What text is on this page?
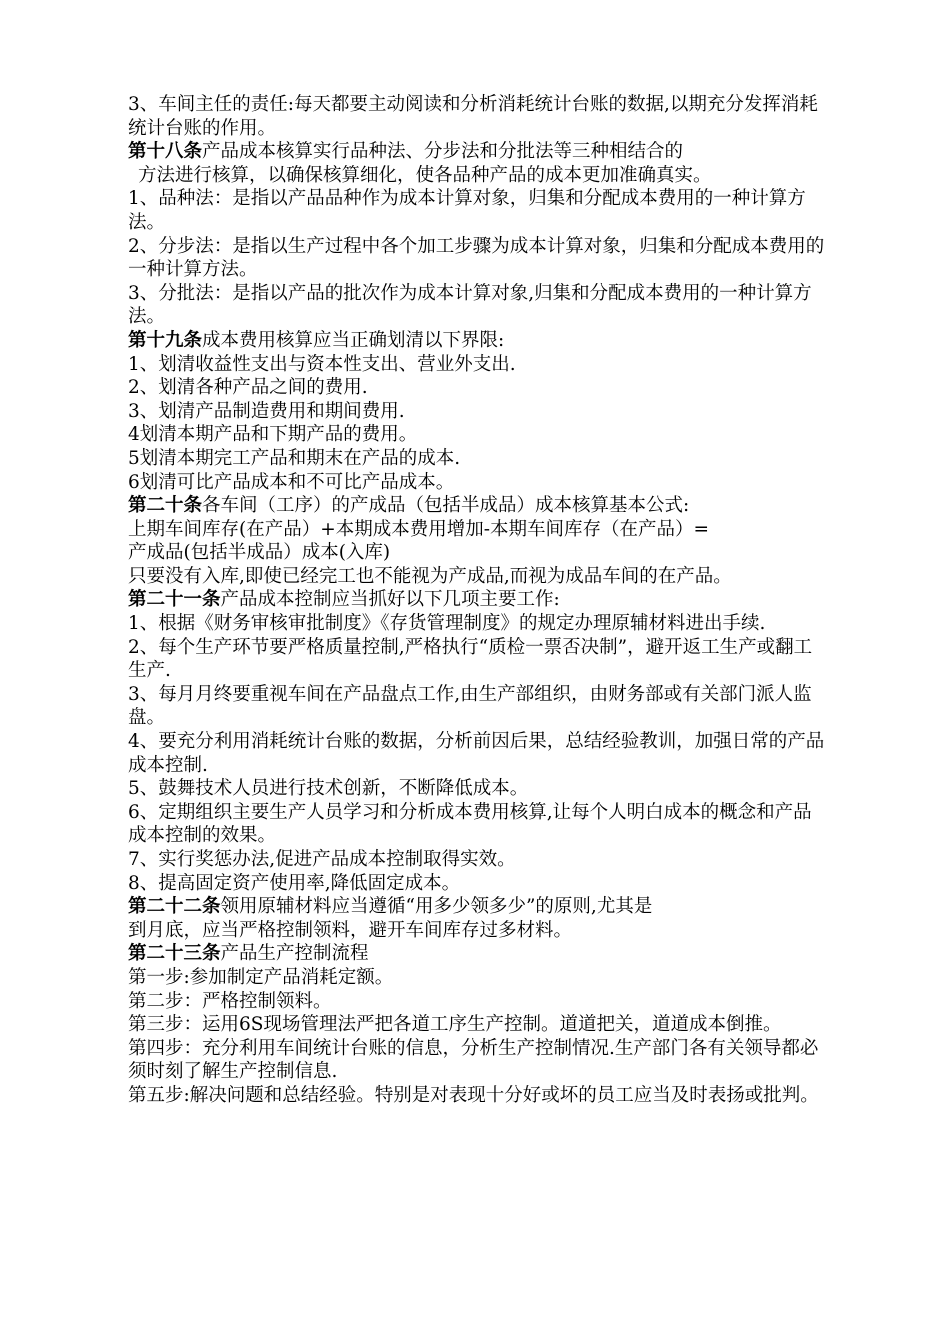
3、车间主任的责任:每天都要主动阅读和分析消耗统计台账的数据,以期充分发挥消耗统计台账的作用。

第十八条产品成本核算实行品种法、分步法和分批法等三种相结合的

方法进行核算，以确保核算细化，使各品种产品的成本更加准确真实。

1、品种法：是指以产品品种作为成本计算对象，归集和分配成本费用的一种计算方法。

2、分步法：是指以生产过程中各个加工步骤为成本计算对象，归集和分配成本费用的一种计算方法。

3、分批法：是指以产品的批次作为成本计算对象,归集和分配成本费用的一种计算方法。

第十九条成本费用核算应当正确划清以下界限:

1、划清收益性支出与资本性支出、营业外支出.

2、划清各种产品之间的费用.

3、划清产品制造费用和期间费用.

4划清本期产品和下期产品的费用。

5划清本期完工产品和期末在产品的成本.

6划清可比产品成本和不可比产品成本。

第二十条各车间（工序）的产成品（包括半成品）成本核算基本公式:

上期车间库存(在产品）+本期成本费用增加-本期车间库存（在产品）=

产成品(包括半成品）成本(入库)

只要没有入库,即使已经完工也不能视为产成品,而视为成品车间的在产品。

第二十一条产品成本控制应当抓好以下几项主要工作:

1、根据《财务审核审批制度》《存货管理制度》的规定办理原辅材料进出手续.

2、每个生产环节要严格质量控制,严格执行“质检一票否决制”，避开返工生产或翻工生产.

3、每月月终要重视车间在产品盘点工作,由生产部组织，由财务部或有关部门派人监盘。

4、要充分利用消耗统计台账的数据，分析前因后果，总结经验教训，加强日常的产品成本控制.

5、鼓舞技术人员进行技术创新，不断降低成本。

6、定期组织主要生产人员学习和分析成本费用核算,让每个人明白成本的概念和产品成本控制的效果。

7、实行奖惩办法,促进产品成本控制取得实效。

8、提高固定资产使用率,降低固定成本。

第二十二条领用原辅材料应当遵循“用多少领多少”的原则,尤其是

到月底，应当严格控制领料，避开车间库存过多材料。

第二十三条产品生产控制流程

第一步:参加制定产品消耗定额。

第二步：严格控制领料。

第三步：运用6S现场管理法严把各道工序生产控制。道道把关，道道成本倒推。

第四步：充分利用车间统计台账的信息，分析生产控制情况.生产部门各有关领导都必须时刻了解生产控制信息.

第五步:解决问题和总结经验。特别是对表现十分好或坏的员工应当及时表扬或批判。
